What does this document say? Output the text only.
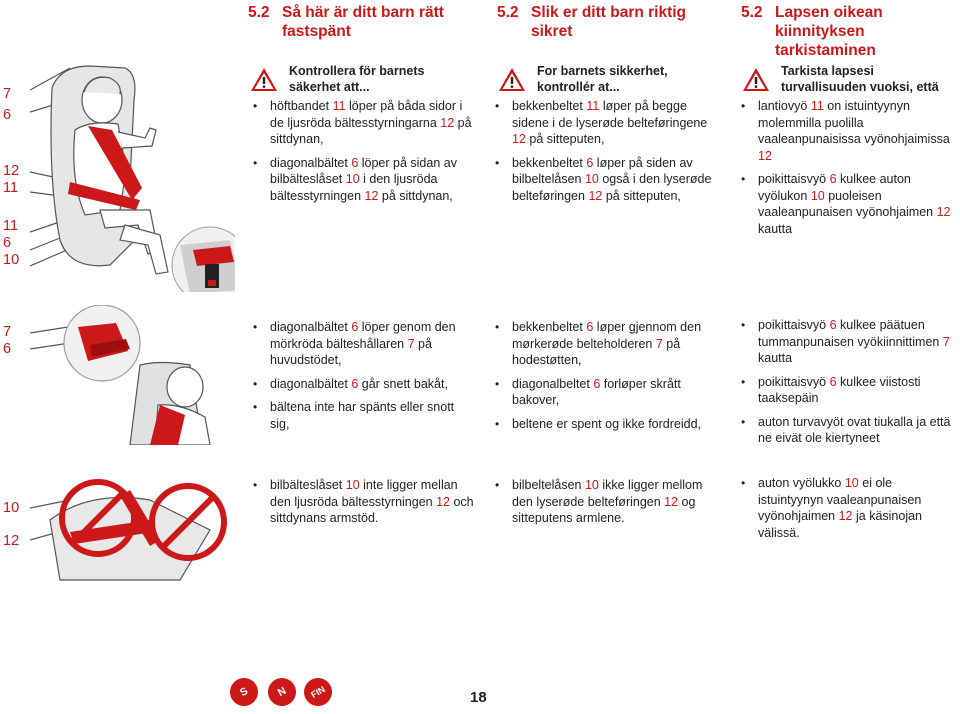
7
6
12
11
11
6
10
7
6
10
12
5.2 Så här är ditt barn rätt fastspänt
Kontrollera för barnets säkerhet att...
• höftbandet 11 löper på båda sidor i de ljusröda bältesstyrningarna 12 på sittdynan,
• diagonalbältet 6 löper på sidan av bilbälteslåset 10 i den ljusröda bältesstyrningen 12 på sittdynan,
• diagonalbältet 6 löper genom den mörkröda bälteshållaren 7 på huvudstödet,
• diagonalbältet 6 går snett bakåt,
• bältena inte har spänts eller snott sig,
• bilbälteslåset 10 inte ligger mellan den ljusröda bältesstyrningen 12 och sittdynans armstöd.
5.2 Slik er ditt barn riktig sikret
For barnets sikkerhet, kontrollér at...
• bekkenbeltet 11 løper på begge sidene i de lyserøde belteføringene 12 på sitteputen,
• bekkenbeltet 6 løper på siden av bilbeltelåsen 10 også i den lyserøde belteføringen 12 på sitteputen,
• bekkenbeltet 6 løper gjennom den mørkerøde belteholderen 7 på hodestøtten,
• diagonalbeltet 6 forløper skrått bakover,
• beltene er spent og ikke fordreidd,
• bilbeltelåsen 10 ikke ligger mellom den lyserøde belteføringen 12 og sitteputens armlene.
5.2 Lapsen oikean kiinnityksen tarkistaminen
Tarkista lapsesi turvallisuuden vuoksi, että
• lantiovyö 11 on istuintyynyn molemmilla puolilla vaaleanpunaisissa vyönohjaimissa 12
• poikittaisvyö 6 kulkee auton vyölukon 10 puoleisen vaaleanpunaisen vyönohjaimen 12 kautta
• poikittaisvyö 6 kulkee päätuen tummanpunaisen vyökiinnittimen 7 kautta
• poikittaisvyö 6 kulkee viistosti taaksepäin
• auton turvavyöt ovat tiukalla ja että ne eivät ole kiertyneet
• auton vyölukko 10 ei ole istuintyynyn vaaleanpunaisen vyönohjaimen 12 ja käsinojan välissä.
S N FIN	18
